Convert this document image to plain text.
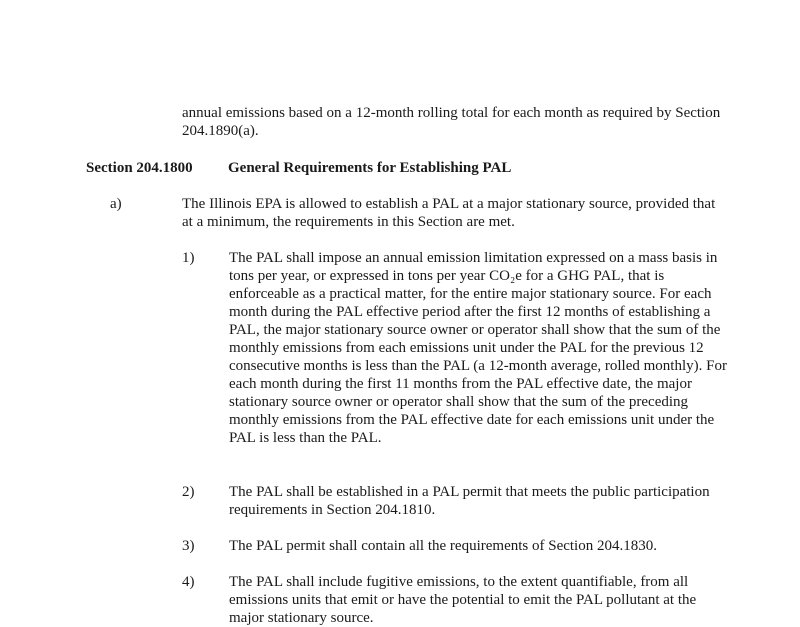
annual emissions based on a 12-month rolling total for each month as required by Section 204.1890(a).

Section 204.1800 General Requirements for Establishing PAL
a)	The Illinois EPA is allowed to establish a PAL at a major stationary source, provided that at a minimum, the requirements in this Section are met.

1) The PAL shall impose an annual emission limitation expressed on a mass basis in tons per year, or expressed in tons per year CO₂e for a GHG PAL, that is enforceable as a practical matter, for the entire major stationary source. For each month during the PAL effective period after the first 12 months of establishing a PAL, the major stationary source owner or operator shall show that the sum of the monthly emissions from each emissions unit under the PAL for the previous 12 consecutive months is less than the PAL (a 12-month average, rolled monthly). For each month during the first 11 months from the PAL effective date, the major stationary source owner or operator shall show that the sum of the preceding monthly emissions from the PAL effective date for each emissions unit under the PAL is less than the PAL.

2) The PAL shall be established in a PAL permit that meets the public participation requirements in Section 204.1810.

3) The PAL permit shall contain all the requirements of Section 204.1830.

4) The PAL shall include fugitive emissions, to the extent quantifiable, from all emissions units that emit or have the potential to emit the PAL pollutant at the major stationary source.
